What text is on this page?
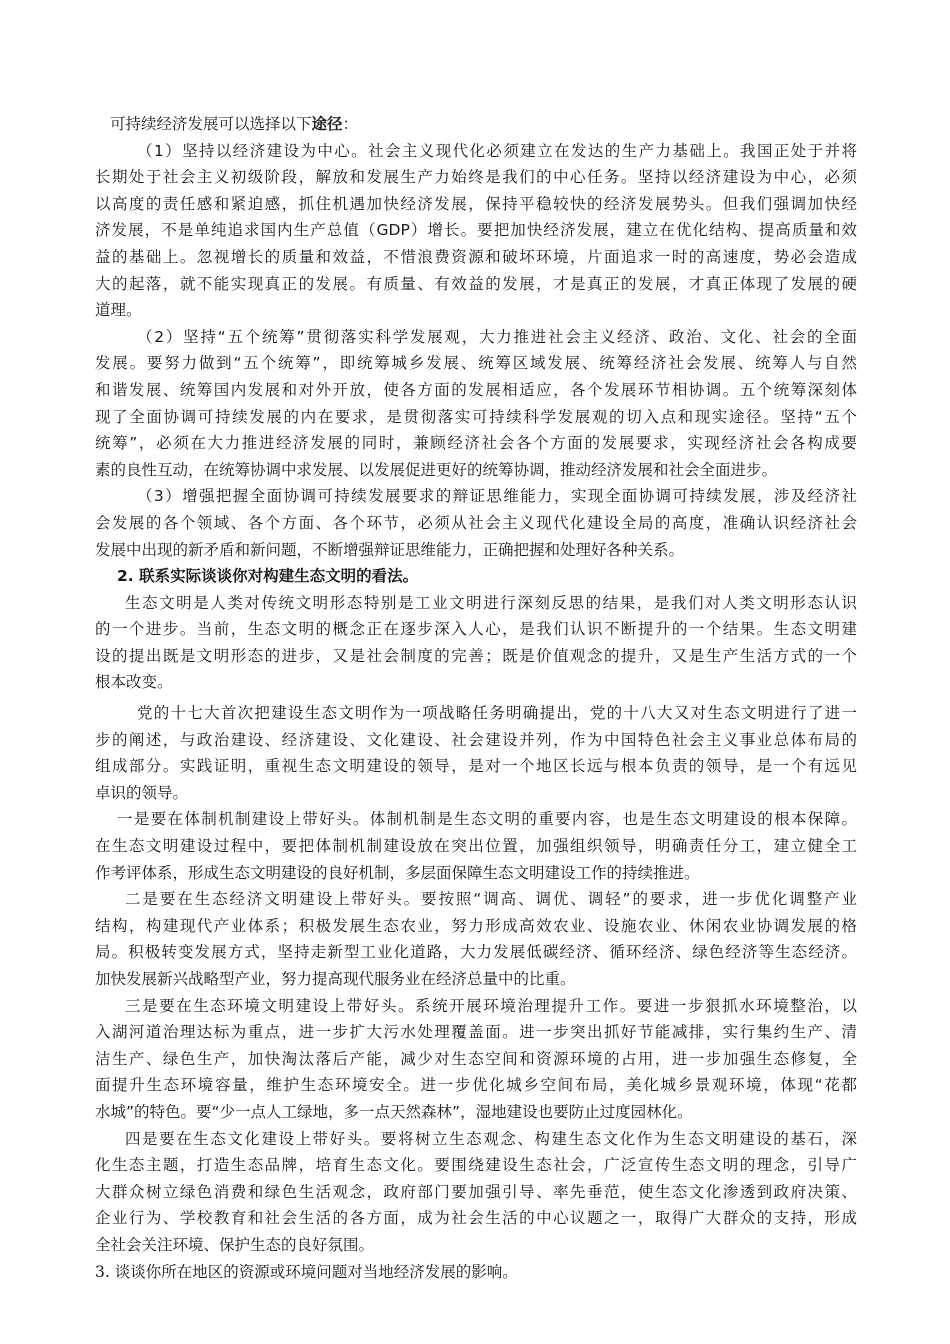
可持续经济发展可以选择以下途径：
（1）坚持以经济建设为中心。社会主义现代化必须建立在发达的生产力基础上。我国正处于并将
长期处于社会主义初级阶段，解放和发展生产力始终是我们的中心任务。坚持以经济建设为中心，必须
以高度的责任感和紧迫感，抓住机遇加快经济发展，保持平稳较快的经济发展势头。但我们强调加快经
济发展，不是单纯追求国内生产总值（GDP）增长。要把加快经济发展，建立在优化结构、提高质量和效
益的基础上。忽视增长的质量和效益，不惜浪费资源和破坏环境，片面追求一时的高速度，势必会造成
大的起落，就不能实现真正的发展。有质量、有效益的发展，才是真正的发展，才真正体现了发展的硬
道理。
（2）坚持“五个统筹”贯彻落实科学发展观，大力推进社会主义经济、政治、文化、社会的全面
发展。要努力做到“五个统筹”，即统筹城乡发展、统筹区域发展、统筹经济社会发展、统筹人与自然
和谐发展、统筹国内发展和对外开放，使各方面的发展相适应，各个发展环节相协调。五个统筹深刻体
现了全面协调可持续发展的内在要求，是贯彻落实可持续科学发展观的切入点和现实途径。坚持“五个
统筹”，必须在大力推进经济发展的同时，兼顾经济社会各个方面的发展要求，实现经济社会各构成要
素的良性互动，在统筹协调中求发展、以发展促进更好的统筹协调，推动经济发展和社会全面进步。
（3）增强把握全面协调可持续发展要求的辩证思维能力，实现全面协调可持续发展，涉及经济社
会发展的各个领域、各个方面、各个环节，必须从社会主义现代化建设全局的高度，准确认识经济社会
发展中出现的新矛盾和新问题，不断增强辩证思维能力，正确把握和处理好各种关系。
2. 联系实际谈谈你对构建生态文明的看法。
生态文明是人类对传统文明形态特别是工业文明进行深刻反思的结果，是我们对人类文明形态认识
的一个进步。当前，生态文明的概念正在逐步深入人心，是我们认识不断提升的一个结果。生态文明建
设的提出既是文明形态的进步，又是社会制度的完善；既是价值观念的提升，又是生产生活方式的一个
根本改变。
党的十七大首次把建设生态文明作为一项战略任务明确提出，党的十八大又对生态文明进行了进一
步的阐述，与政治建设、经济建设、文化建设、社会建设并列，作为中国特色社会主义事业总体布局的
组成部分。实践证明，重视生态文明建设的领导，是对一个地区长远与根本负责的领导，是一个有远见
卓识的领导。
一是要在体制机制建设上带好头。体制机制是生态文明的重要内容，也是生态文明建设的根本保障。
在生态文明建设过程中，要把体制机制建设放在突出位置，加强组织领导，明确责任分工，建立健全工
作考评体系，形成生态文明建设的良好机制，多层面保障生态文明建设工作的持续推进。
二是要在生态经济文明建设上带好头。要按照“调高、调优、调轻”的要求，进一步优化调整产业
结构，构建现代产业体系；积极发展生态农业，努力形成高效农业、设施农业、休闲农业协调发展的格
局。积极转变发展方式，坚持走新型工业化道路，大力发展低碳经济、循环经济、绿色经济等生态经济。
加快发展新兴战略型产业，努力提高现代服务业在经济总量中的比重。
三是要在生态环境文明建设上带好头。系统开展环境治理提升工作。要进一步狠抓水环境整治，以
入湖河道治理达标为重点，进一步扩大污水处理覆盖面。进一步突出抓好节能减排，实行集约生产、清
洁生产、绿色生产，加快淘汰落后产能，减少对生态空间和资源环境的占用，进一步加强生态修复，全
面提升生态环境容量，维护生态环境安全。进一步优化城乡空间布局，美化城乡景观环境，体现“花都
水城”的特色。要“少一点人工绿地，多一点天然森林”，湿地建设也要防止过度园林化。
四是要在生态文化建设上带好头。要将树立生态观念、构建生态文化作为生态文明建设的基石，深
化生态主题，打造生态品牌，培育生态文化。要围绕建设生态社会，广泛宣传生态文明的理念，引导广
大群众树立绿色消费和绿色生活观念，政府部门要加强引导、率先垂范，使生态文化渗透到政府决策、
企业行为、学校教育和社会生活的各方面，成为社会生活的中心议题之一，取得广大群众的支持，形成
全社会关注环境、保护生态的良好氛围。
3. 谈谈你所在地区的资源或环境问题对当地经济发展的影响。
